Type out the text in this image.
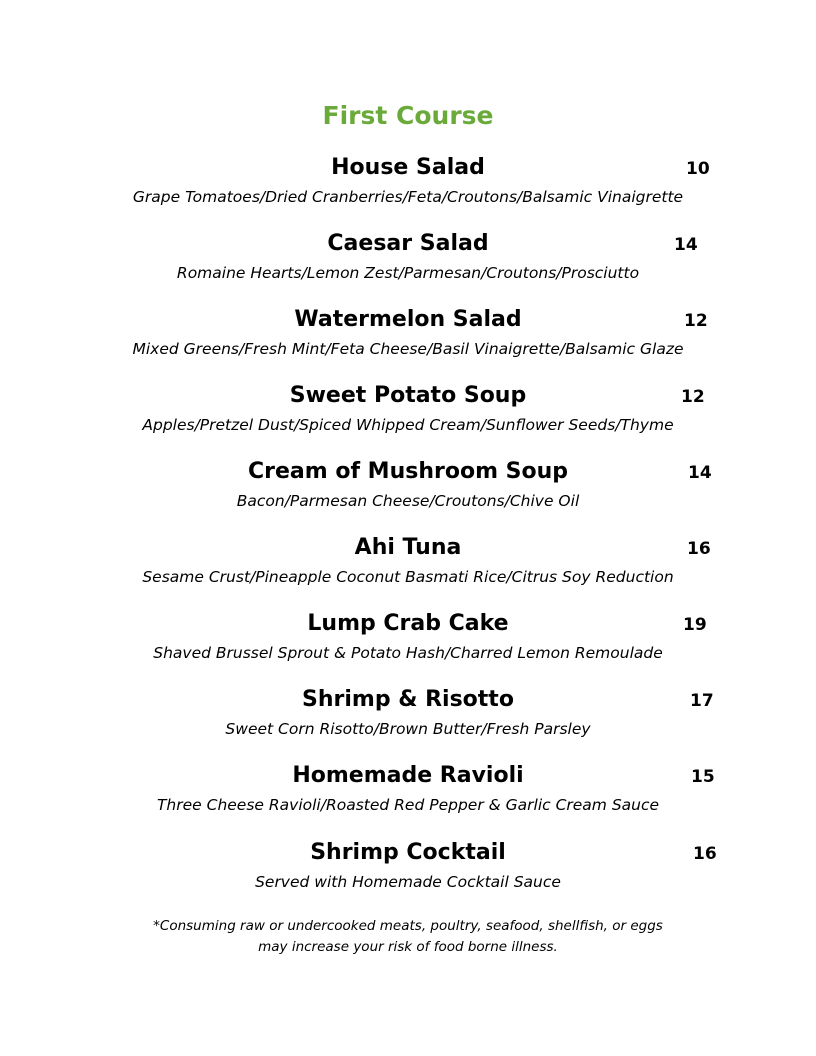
First Course
House Salad	10
Grape Tomatoes/Dried Cranberries/Feta/Croutons/Balsamic Vinaigrette
Caesar Salad	14
Romaine Hearts/Lemon Zest/Parmesan/Croutons/Prosciutto
Watermelon Salad	12
Mixed Greens/Fresh Mint/Feta Cheese/Basil Vinaigrette/Balsamic Glaze
Sweet Potato Soup	12
Apples/Pretzel Dust/Spiced Whipped Cream/Sunflower Seeds/Thyme
Cream of Mushroom Soup	14
Bacon/Parmesan Cheese/Croutons/Chive Oil
Ahi Tuna	16
Sesame Crust/Pineapple Coconut Basmati Rice/Citrus Soy Reduction
Lump Crab Cake	19
Shaved Brussel Sprout & Potato Hash/Charred Lemon Remoulade
Shrimp & Risotto	17
Sweet Corn Risotto/Brown Butter/Fresh Parsley
Homemade Ravioli	15
Three Cheese Ravioli/Roasted Red Pepper & Garlic Cream Sauce
Shrimp Cocktail	16
Served with Homemade Cocktail Sauce
*Consuming raw or undercooked meats, poultry, seafood, shellfish, or eggs
may increase your risk of food borne illness.
